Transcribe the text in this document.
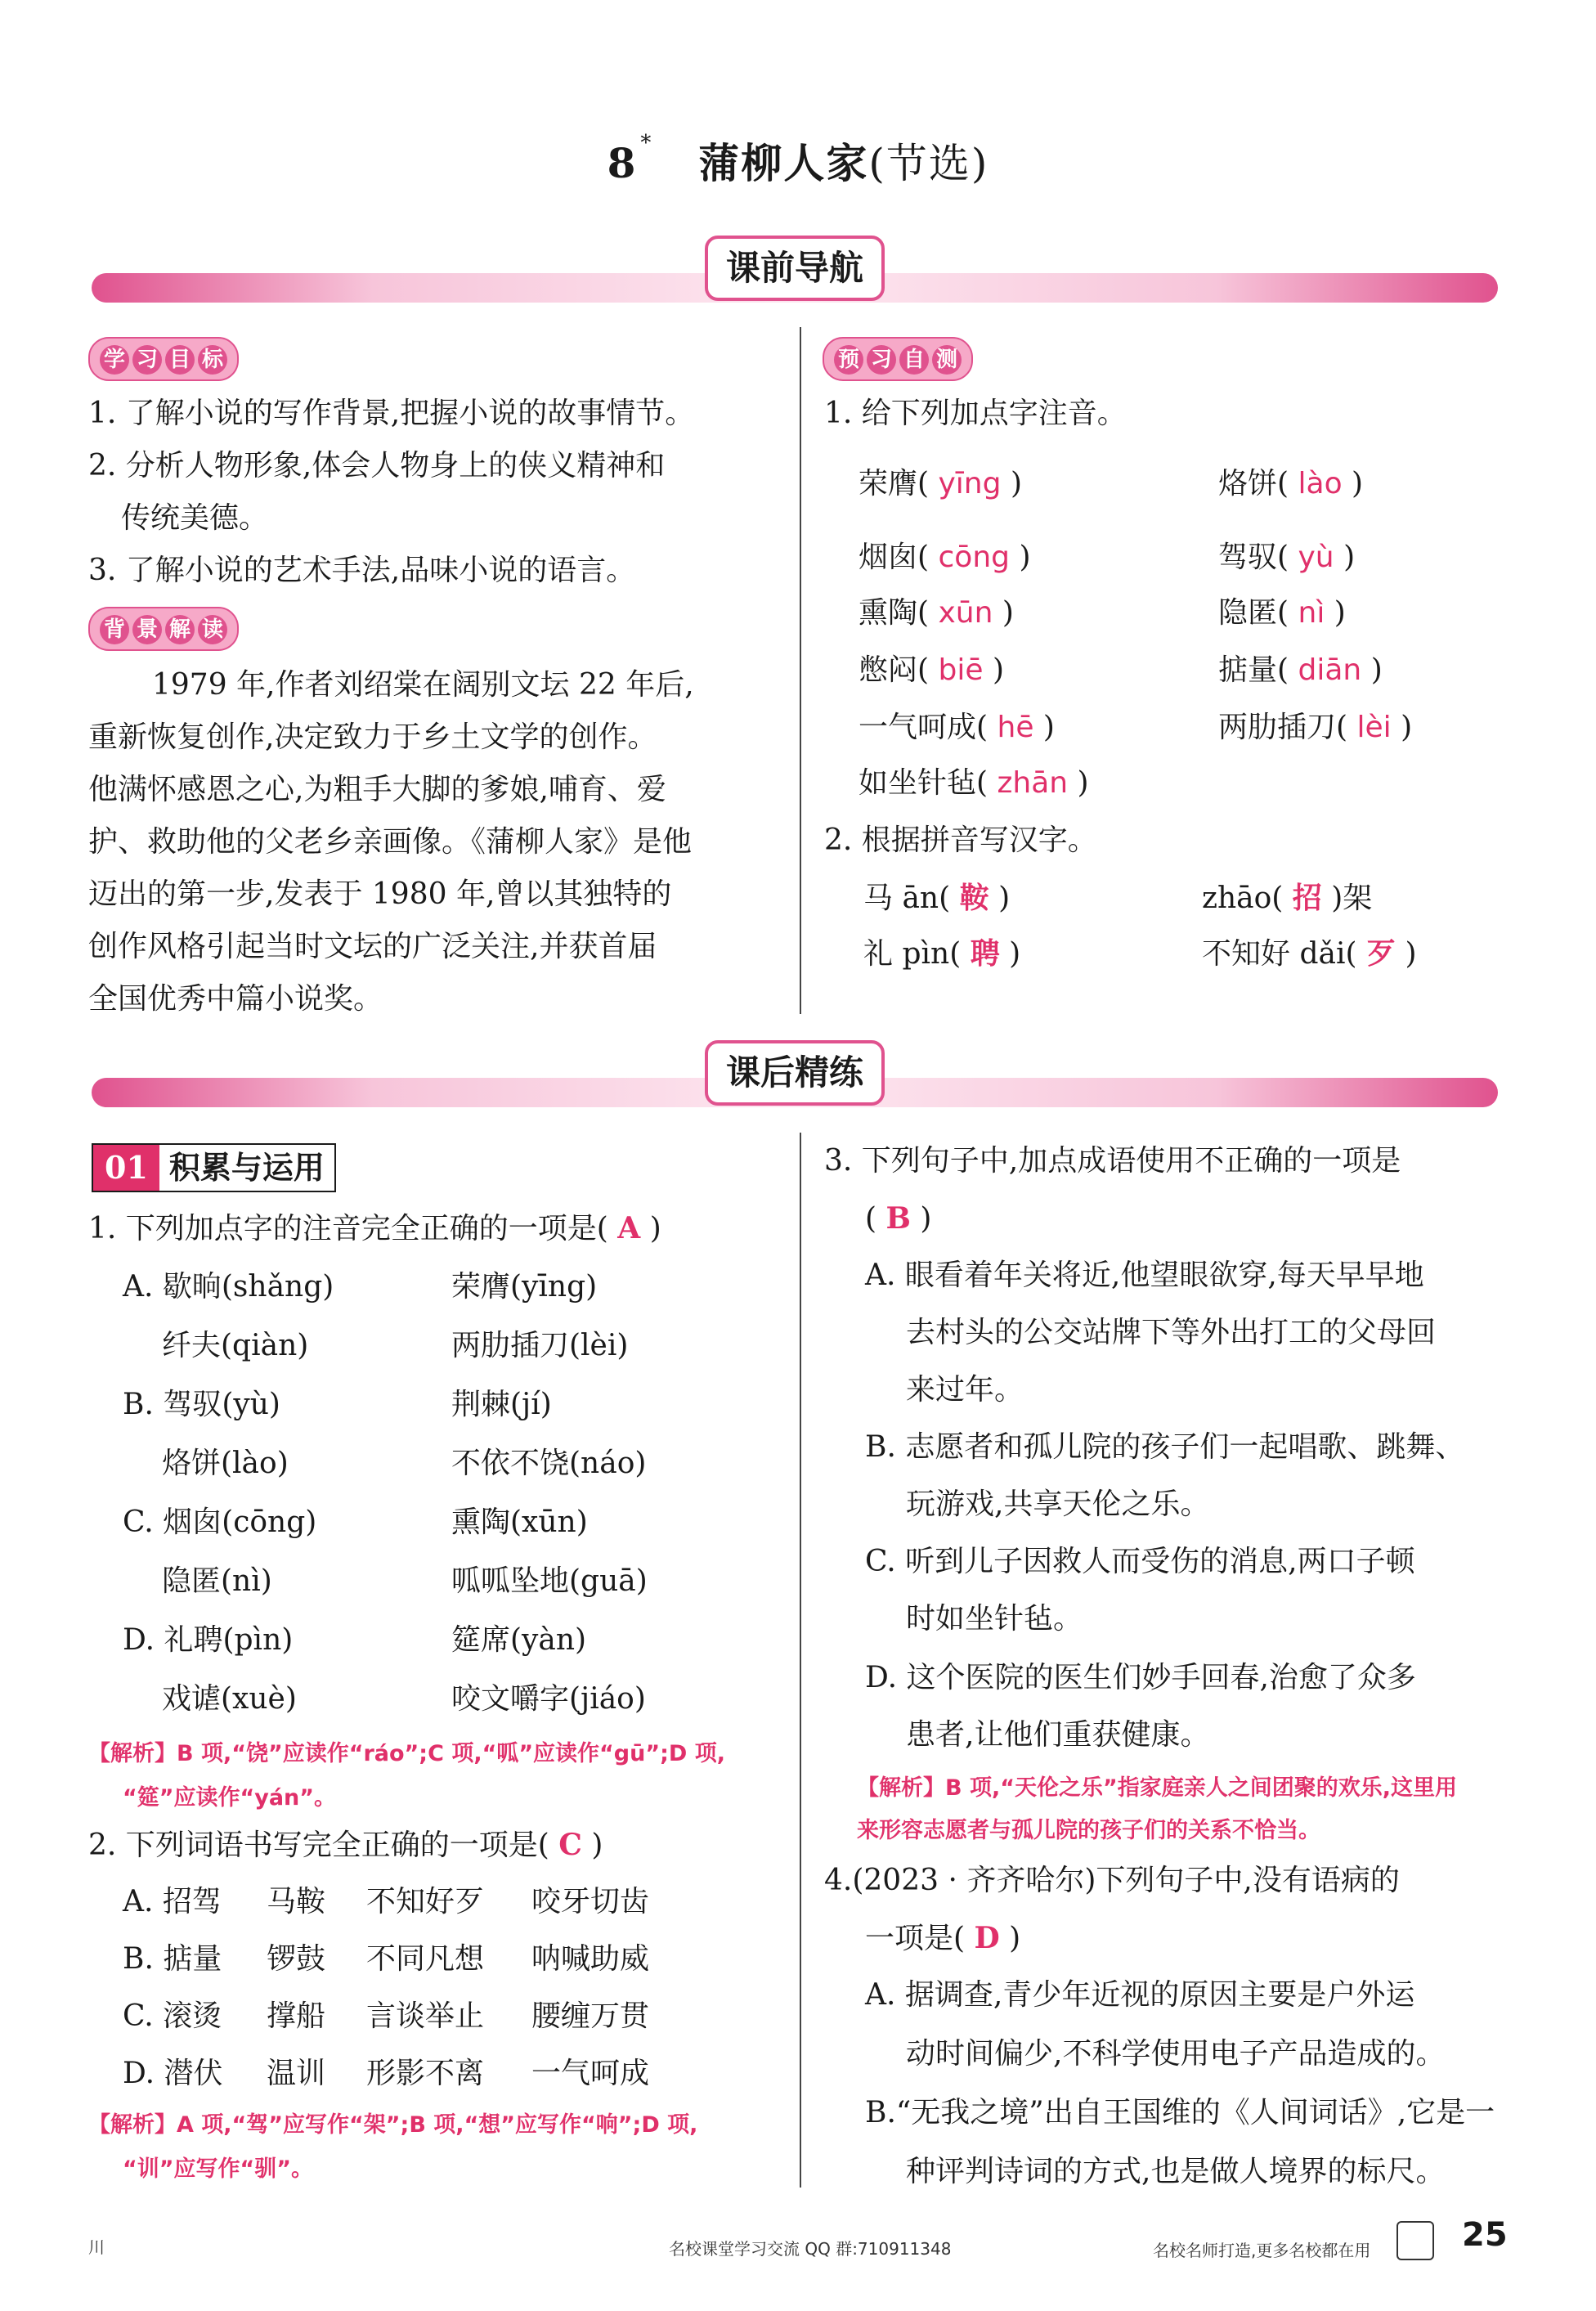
8 * 蒲柳人家(节选)
课前导航
学 习 目 标
1. 了解小说的写作背景,把握小说的故事情节。
2. 分析人物形象,体会人物身上的侠义精神和
传统美德。
3. 了解小说的艺术手法,品味小说的语言。
背 景 解 读
1979 年,作者刘绍棠在阔别文坛 22 年后,
重新恢复创作,决定致力于乡土文学的创作。
他满怀感恩之心,为粗手大脚的爹娘,哺育、爱
护、救助他的父老乡亲画像。《蒲柳人家》是他
迈出的第一步,发表于 1980 年,曾以其独特的
创作风格引起当时文坛的广泛关注,并获首届
全国优秀中篇小说奖。
预 习 自 测
1. 给下列加点字注音。
荣膺( yīng )	烙饼( lào )
烟囱( cōng )	驾驭( yù )
熏陶( xūn )	隐匿( nì )
憋闷( biē )	掂量( diān )
一气呵成( hē )	两肋插刀( lèi )
如坐针毡( zhān )
2. 根据拼音写汉字。
马 ān( 鞍 )	zhāo( 招 )架
礼 pìn( 聘 )	不知好 dǎi( 歹 )
课后精练
01 积累与运用
1. 下列加点字的注音完全正确的一项是( A )
A. 歇晌(shǎng)	荣膺(yīng)
纤夫(qiàn)	两肋插刀(lèi)
B. 驾驭(yù)	荆棘(jí)
烙饼(lào)	不依不饶(náo)
C. 烟囱(cōng)	熏陶(xūn)
隐匿(nì)	呱呱坠地(guā)
D. 礼聘(pìn)	筵席(yàn)
戏谑(xuè)	咬文嚼字(jiáo)
【解析】B 项,“饶”应读作“ráo”;C 项,“呱”应读作“gū”;D 项,
“筵”应读作“yán”。
2. 下列词语书写完全正确的一项是( C )
A. 招驾 马鞍 不知好歹 咬牙切齿
B. 掂量 锣鼓 不同凡想 呐喊助威
C. 滚烫 撑船 言谈举止 腰缠万贯
D. 潜伏 温训 形影不离 一气呵成
【解析】A 项,“驾”应写作“架”;B 项,“想”应写作“响”;D 项,
“训”应写作“驯”。
3. 下列句子中,加点成语使用不正确的一项是
( B )
A. 眼看着年关将近,他望眼欲穿,每天早早地
去村头的公交站牌下等外出打工的父母回
来过年。
B. 志愿者和孤儿院的孩子们一起唱歌、跳舞、
玩游戏,共享天伦之乐。
C. 听到儿子因救人而受伤的消息,两口子顿
时如坐针毡。
D. 这个医院的医生们妙手回春,治愈了众多
患者,让他们重获健康。
【解析】B 项,“天伦之乐”指家庭亲人之间团聚的欢乐,这里用
来形容志愿者与孤儿院的孩子们的关系不恰当。
4.(2023 · 齐齐哈尔)下列句子中,没有语病的
一项是( D )
A. 据调查,青少年近视的原因主要是户外运
动时间偏少,不科学使用电子产品造成的。
B.“无我之境”出自王国维的《人间词话》,它是一
种评判诗词的方式,也是做人境界的标尺。
川	名校课堂学习交流 QQ 群:710911348	名校名师打造,更多名校都在用	25
